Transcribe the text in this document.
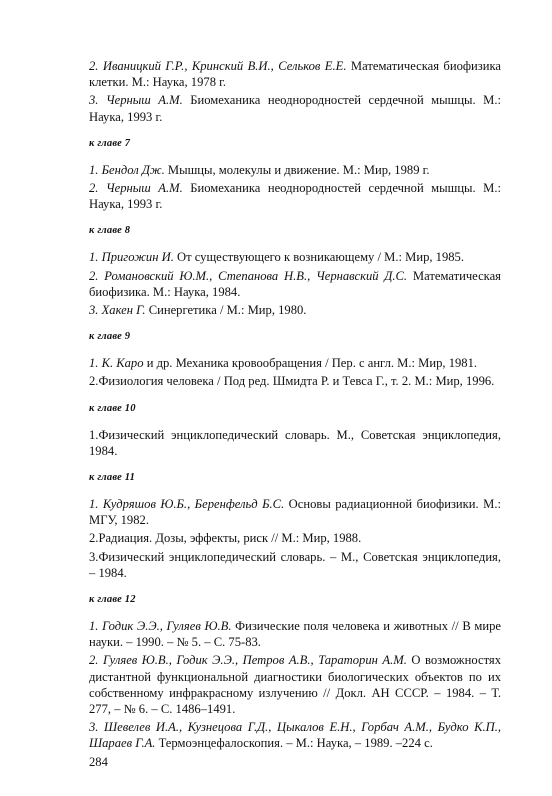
2. Иваницкий Г.Р., Кринский В.И., Сельков Е.Е. Математическая биофизика клетки. М.: Наука, 1978 г.
3. Черныш А.М. Биомеханика неоднородностей сердечной мышцы. М.: Наука, 1993 г.
к главе 7
1. Бендол Дж. Мышцы, молекулы и движение. М.: Мир, 1989 г.
2. Черныш А.М. Биомеханика неоднородностей сердечной мышцы. М.: Наука, 1993 г.
к главе 8
1. Пригожин И. От существующего к возникающему / М.: Мир, 1985.
2. Романовский Ю.М., Степанова Н.В., Чернавский Д.С. Математическая биофизика. М.: Наука, 1984.
3. Хакен Г. Синергетика / М.: Мир, 1980.
к главе 9
1. К. Каро и др. Механика кровообращения / Пер. с англ. М.: Мир, 1981.
2.Физиология человека / Под ред. Шмидта Р. и Тевса Г., т. 2. М.: Мир, 1996.
к главе 10
1.Физический энциклопедический словарь. М., Советская энциклопедия, 1984.
к главе 11
1. Кудряшов Ю.Б., Беренфельд Б.С. Основы радиационной биофизики. М.: МГУ, 1982.
2.Радиация. Дозы, эффекты, риск // М.: Мир, 1988.
3.Физический энциклопедический словарь. – М., Советская энциклопедия, – 1984.
к главе 12
1. Годик Э.Э., Гуляев Ю.В. Физические поля человека и животных // В мире науки. – 1990. – № 5. – С. 75-83.
2. Гуляев Ю.В., Годик Э.Э., Петров А.В., Тараторин А.М. О возможностях дистантной функциональной диагностики биологических объектов по их собственному инфракрасному излучению // Докл. АН СССР. – 1984. – Т. 277, – № 6. – С. 1486–1491.
3. Шевелев И.А., Кузнецова Г.Д., Цыкалов Е.Н., Горбач А.М., Будко К.П., Шараев Г.А. Термоэнцефалоскопия. – М.: Наука, – 1989. –224 с.
284
